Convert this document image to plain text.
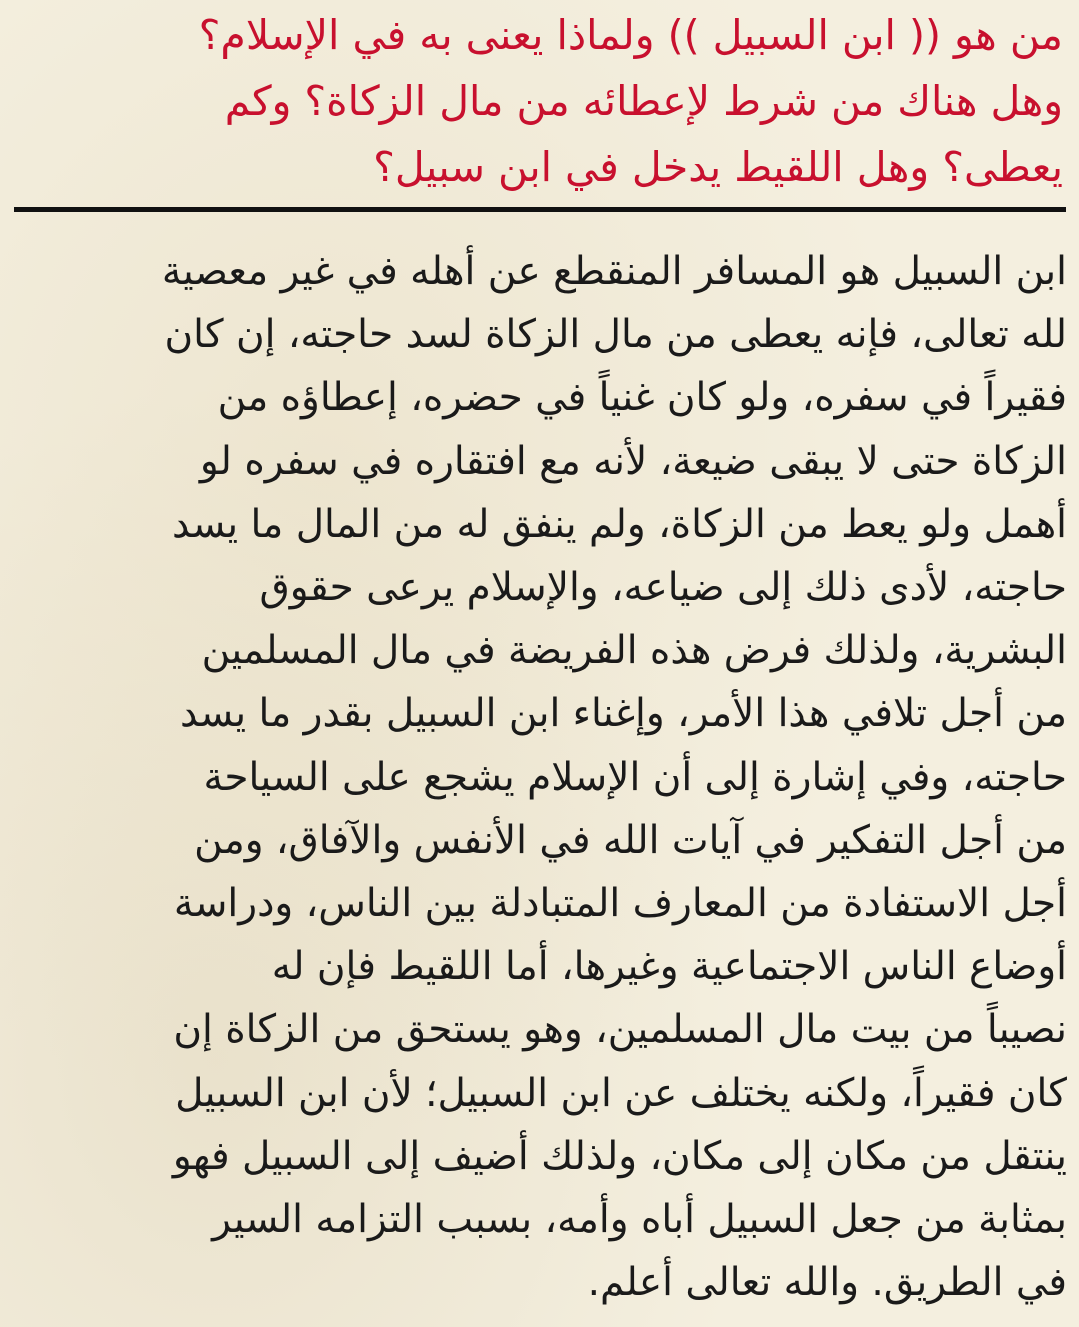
من هو (( ابن السبيل )) ولماذا يعنى به في الإسلام؟
وهل هناك من شرط لإعطائه من مال الزكاة؟ وكم
يعطى؟ وهل اللقيط يدخل في ابن سبيل؟

ابن السبيل هو المسافر المنقطع عن أهله في غير معصية
لله تعالى، فإنه يعطى من مال الزكاة لسد حاجته، إن كان
فقيراً في سفره، ولو كان غنياً في حضره، إعطاؤه من
الزكاة حتى لا يبقى ضيعة، لأنه مع افتقاره في سفره لو
أهمل ولو يعط من الزكاة، ولم ينفق له من المال ما يسد
حاجته، لأدى ذلك إلى ضياعه، والإسلام يرعى حقوق
البشرية، ولذلك فرض هذه الفريضة في مال المسلمين
من أجل تلافي هذا الأمر، وإغناء ابن السبيل بقدر ما يسد
حاجته، وفي إشارة إلى أن الإسلام يشجع على السياحة
من أجل التفكير في آيات الله في الأنفس والآفاق، ومن
أجل الاستفادة من المعارف المتبادلة بين الناس، ودراسة
أوضاع الناس الاجتماعية وغيرها، أما اللقيط فإن له
نصيباً من بيت مال المسلمين، وهو يستحق من الزكاة إن
كان فقيراً، ولكنه يختلف عن ابن السبيل؛ لأن ابن السبيل
ينتقل من مكان إلى مكان، ولذلك أضيف إلى السبيل فهو
بمثابة من جعل السبيل أباه وأمه، بسبب التزامه السير
في الطريق. والله تعالى أعلم.
